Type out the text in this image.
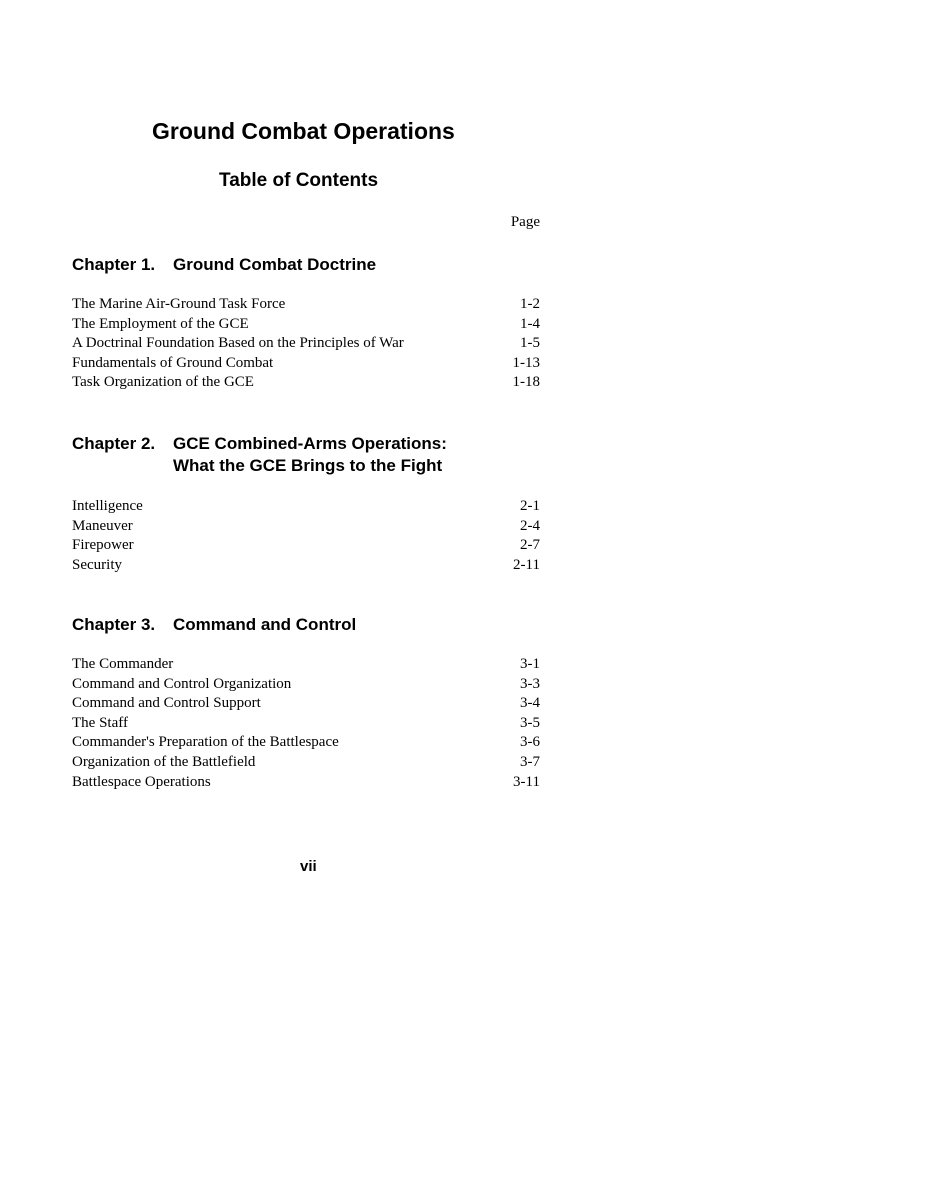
Ground Combat Operations
Table of Contents
Page
Chapter 1. Ground Combat Doctrine
The Marine Air-Ground Task Force	1-2
The Employment of the GCE	1-4
A Doctrinal Foundation Based on the Principles of War	1-5
Fundamentals of Ground Combat	1-13
Task Organization of the GCE	1-18
Chapter 2. GCE Combined-Arms Operations:
What the GCE Brings to the Fight
Intelligence	2-1
Maneuver	2-4
Firepower	2-7
Security	2-11
Chapter 3. Command and Control
The Commander	3-1
Command and Control Organization	3-3
Command and Control Support	3-4
The Staff	3-5
Commander's Preparation of the Battlespace	3-6
Organization of the Battlefield	3-7
Battlespace Operations	3-11
vii
